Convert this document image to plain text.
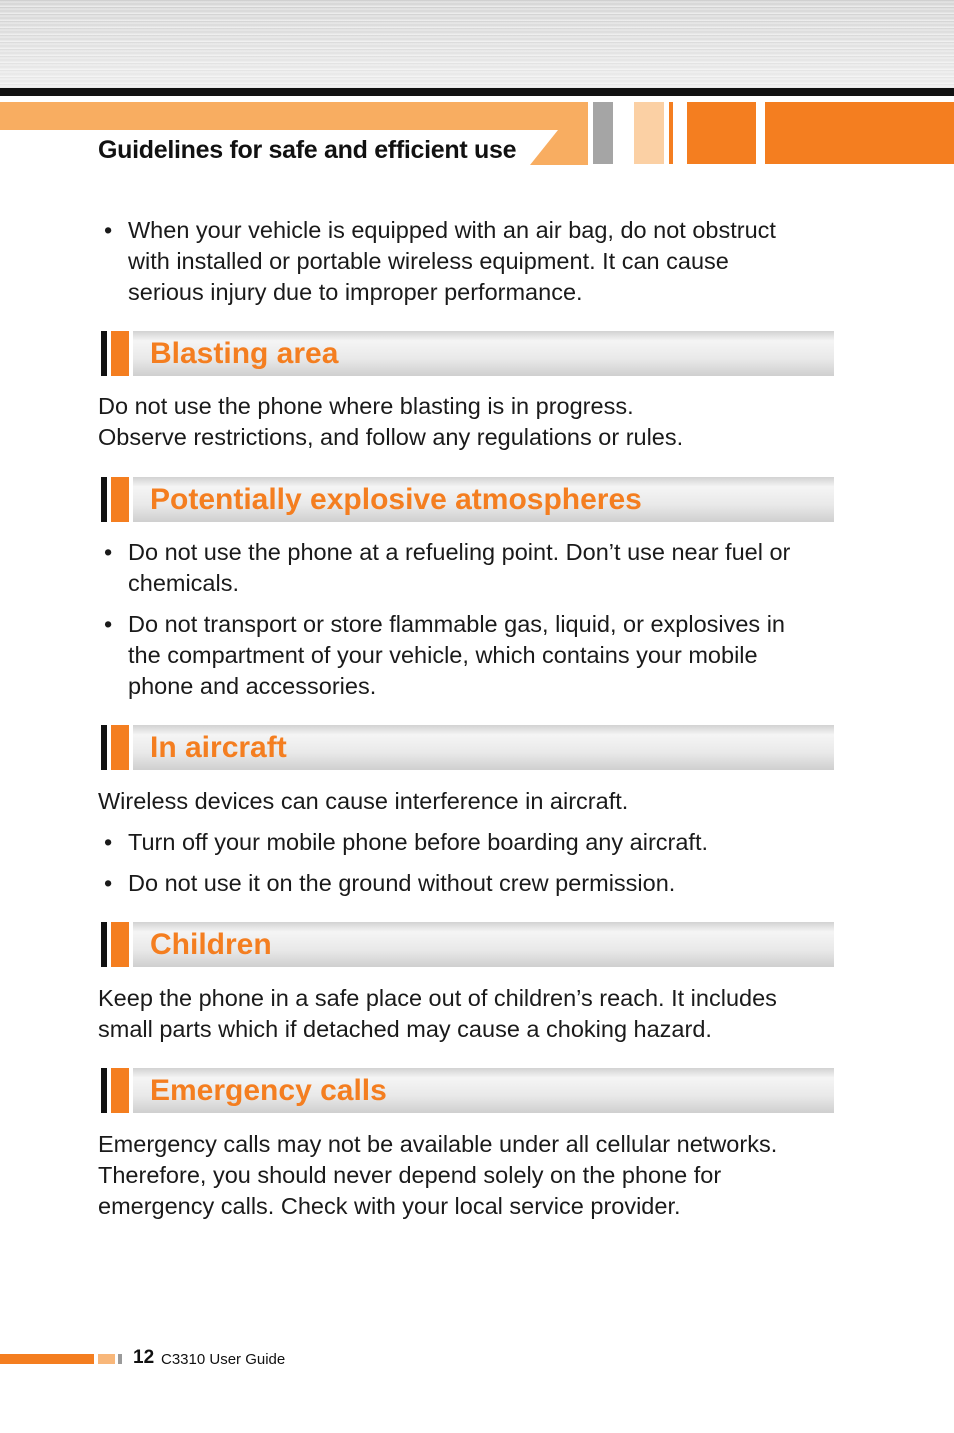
Guidelines for safe and efficient use
• When your vehicle is equipped with an air bag, do not obstruct
with installed or portable wireless equipment. It can cause
serious injury due to improper performance.
Blasting area
Do not use the phone where blasting is in progress.
Observe restrictions, and follow any regulations or rules.
Potentially explosive atmospheres
• Do not use the phone at a refueling point. Don’t use near fuel or
chemicals.
• Do not transport or store flammable gas, liquid, or explosives in
the compartment of your vehicle, which contains your mobile
phone and accessories.
In aircraft
Wireless devices can cause interference in aircraft.
• Turn off your mobile phone before boarding any aircraft.
• Do not use it on the ground without crew permission.
Children
Keep the phone in a safe place out of children’s reach. It includes
small parts which if detached may cause a choking hazard.
Emergency calls
Emergency calls may not be available under all cellular networks.
Therefore, you should never depend solely on the phone for
emergency calls. Check with your local service provider.
12 C3310 User Guide
